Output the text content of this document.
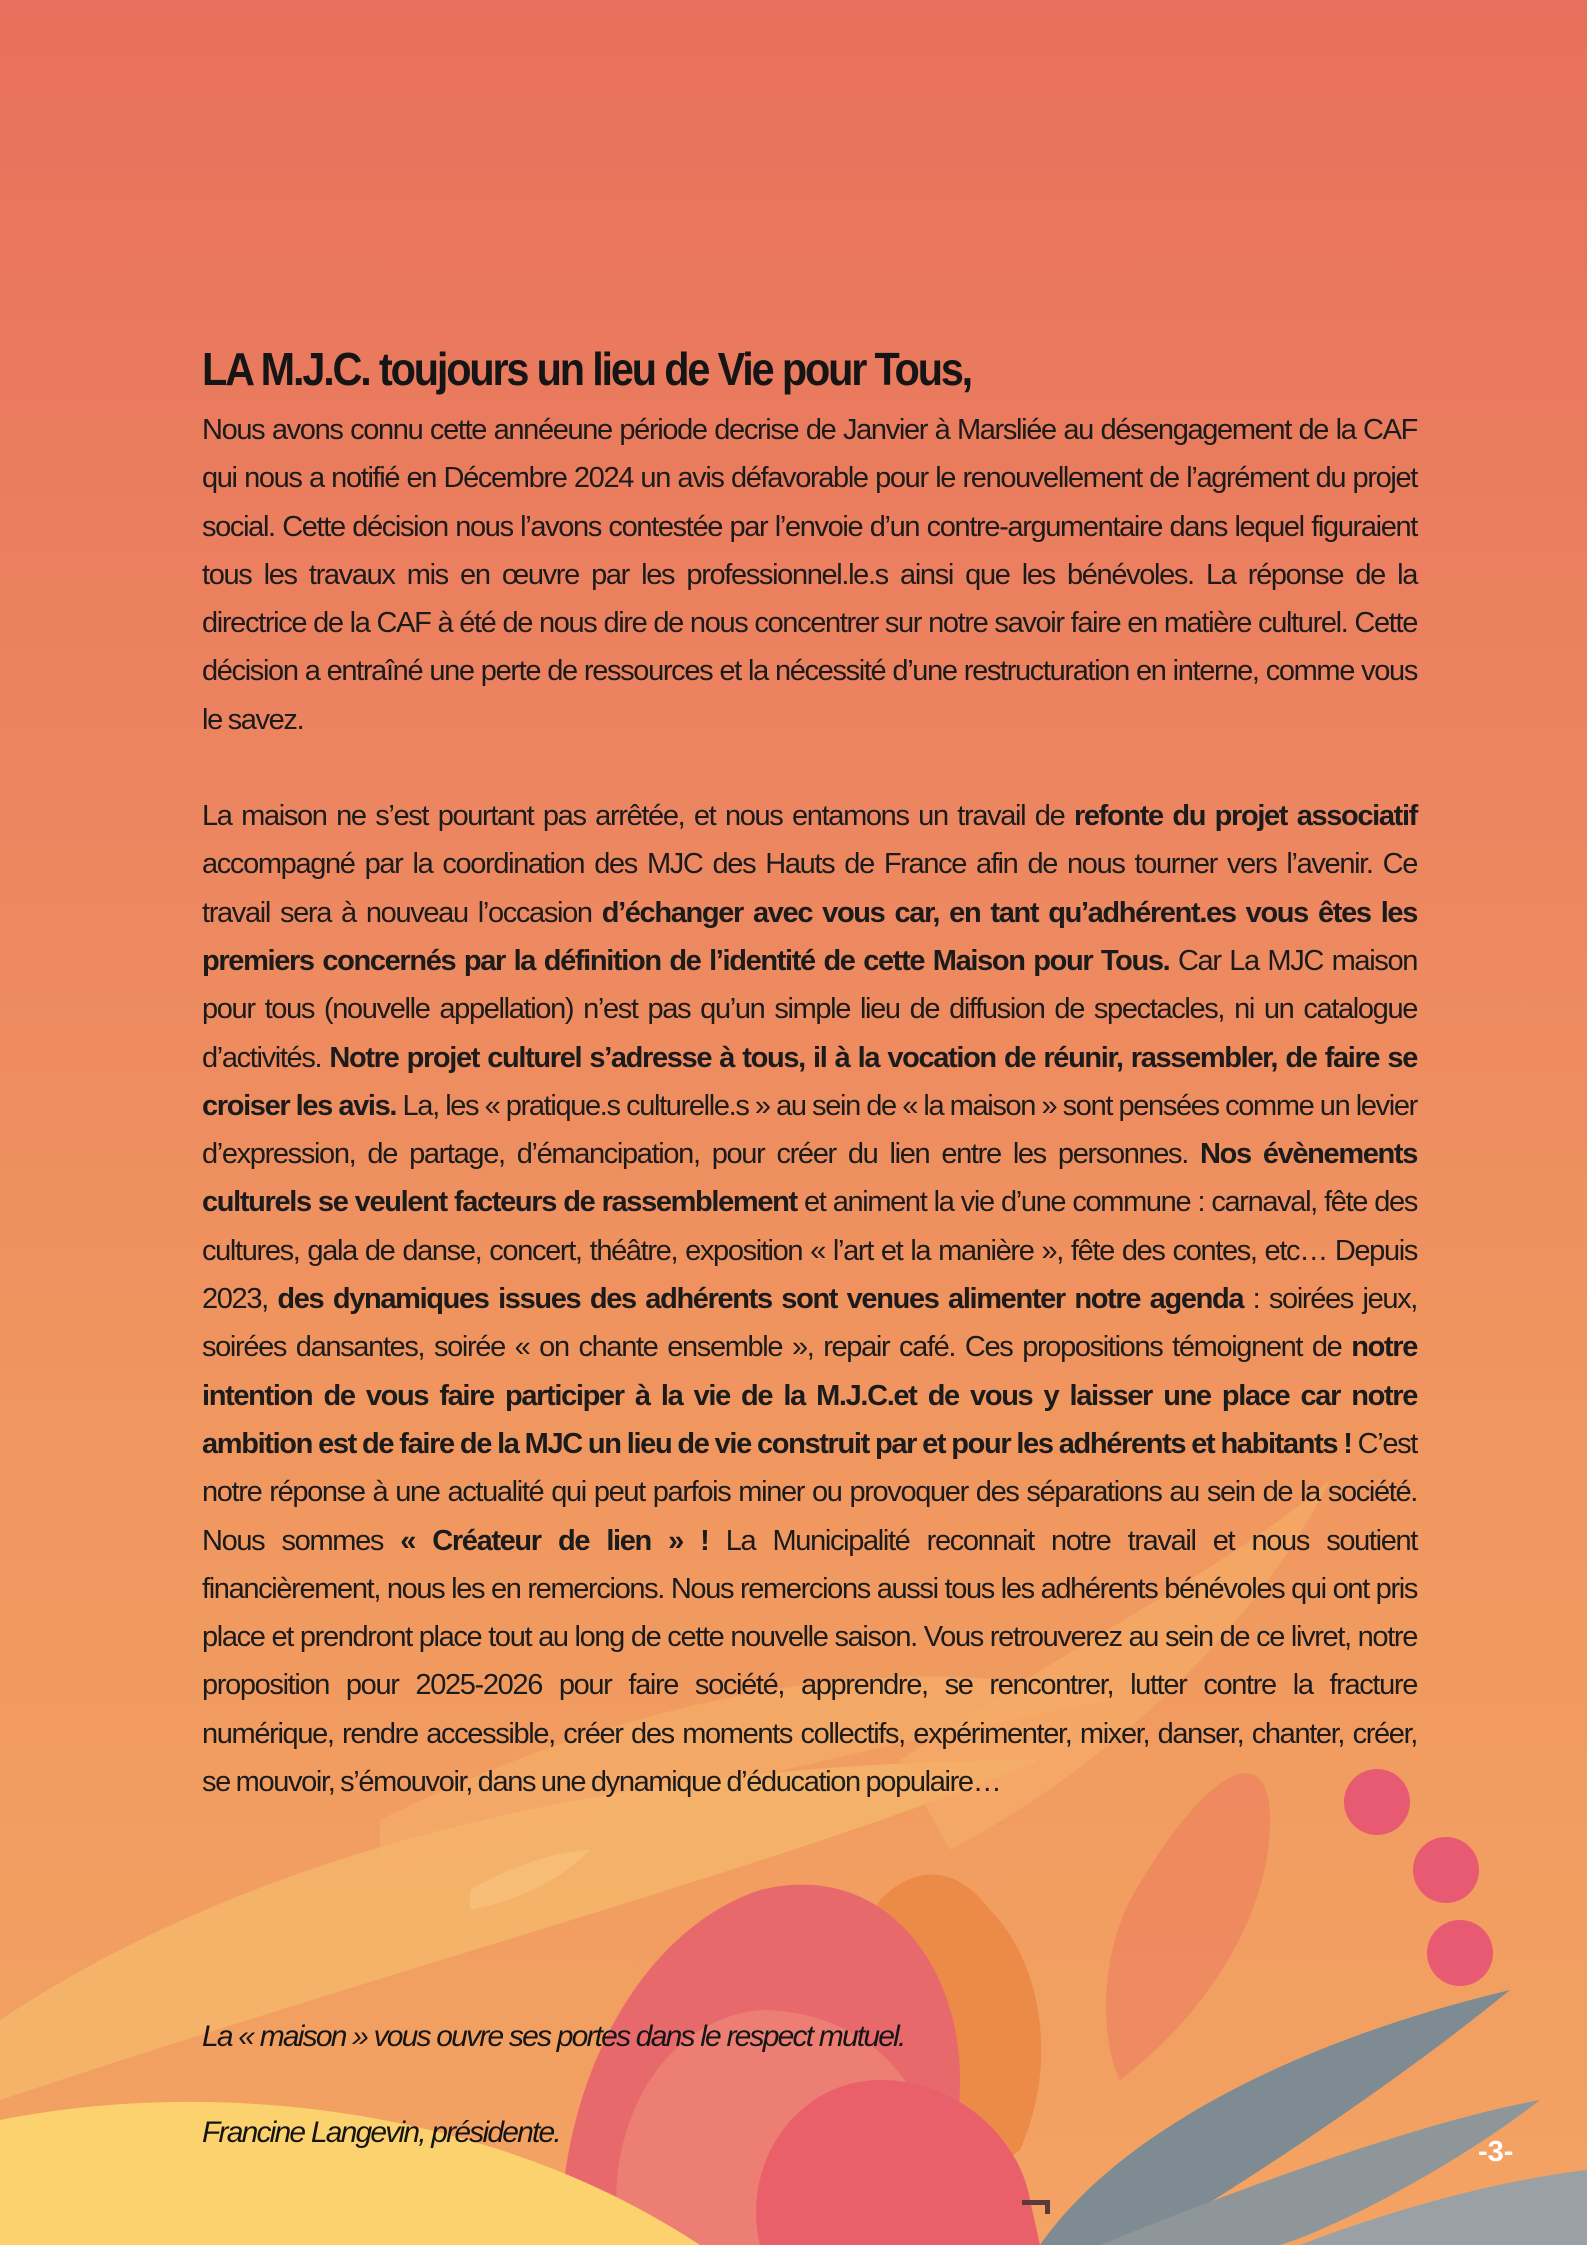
LA M.J.C. toujours un lieu de Vie pour Tous,

Nous avons connu cette annéeune période decrise de Janvier à Marsliée au désengagement de la CAF qui nous a notifié en Décembre 2024 un avis défavorable pour le renouvellement de l’agrément du projet social. Cette décision nous l’avons contestée par l’envoie d’un contre-argumentaire dans lequel figuraient tous les travaux mis en œuvre par les professionnel.le.s ainsi que les bénévoles. La réponse de la directrice de la CAF à été de nous dire de nous concentrer sur notre savoir faire en matière culturel. Cette décision a entraîné une perte de ressources et la nécessité d’une restructuration en interne, comme vous le savez.

La maison ne s’est pourtant pas arrêtée, et nous entamons un travail de refonte du projet associatif accompagné par la coordination des MJC des Hauts de France afin de nous tourner vers l’avenir. Ce travail sera à nouveau l’occasion d’échanger avec vous car, en tant qu’adhérent.es vous êtes les premiers concernés par la définition de l’identité de cette Maison pour Tous. Car La MJC maison pour tous (nouvelle appellation) n’est pas qu’un simple lieu de diffusion de spectacles, ni un catalogue d’activités. Notre projet culturel s’adresse à tous, il à la vocation de réunir, rassembler, de faire se croiser les avis. La, les « pratique.s culturelle.s » au sein de « la maison » sont pensées comme un levier d’expression, de partage, d’émancipation, pour créer du lien entre les personnes. Nos évènements culturels se veulent facteurs de rassemblement et animent la vie d’une commune : carnaval, fête des cultures, gala de danse, concert, théâtre, exposition « l’art et la manière », fête des contes, etc… Depuis 2023, des dynamiques issues des adhérents sont venues alimenter notre agenda : soirées jeux, soirées dansantes, soirée « on chante ensemble », repair café. Ces propositions témoignent de notre intention de vous faire participer à la vie de la M.J.C.et de vous y laisser une place car notre ambition est de faire de la MJC un lieu de vie construit par et pour les adhérents et habitants ! C’est notre réponse à une actualité qui peut parfois miner ou provoquer des séparations au sein de la société. Nous sommes « Créateur de lien » ! La Municipalité reconnait notre travail et nous soutient financièrement, nous les en remercions. Nous remercions aussi tous les adhérents bénévoles qui ont pris place et prendront place tout au long de cette nouvelle saison. Vous retrouverez au sein de ce livret, notre proposition pour 2025-2026 pour faire société, apprendre, se rencontrer, lutter contre la fracture numérique, rendre accessible, créer des moments collectifs, expérimenter, mixer, danser, chanter, créer, se mouvoir, s’émouvoir, dans une dynamique d’éducation populaire…

La « maison » vous ouvre ses portes dans le respect mutuel.

Francine Langevin, présidente.

-3-
